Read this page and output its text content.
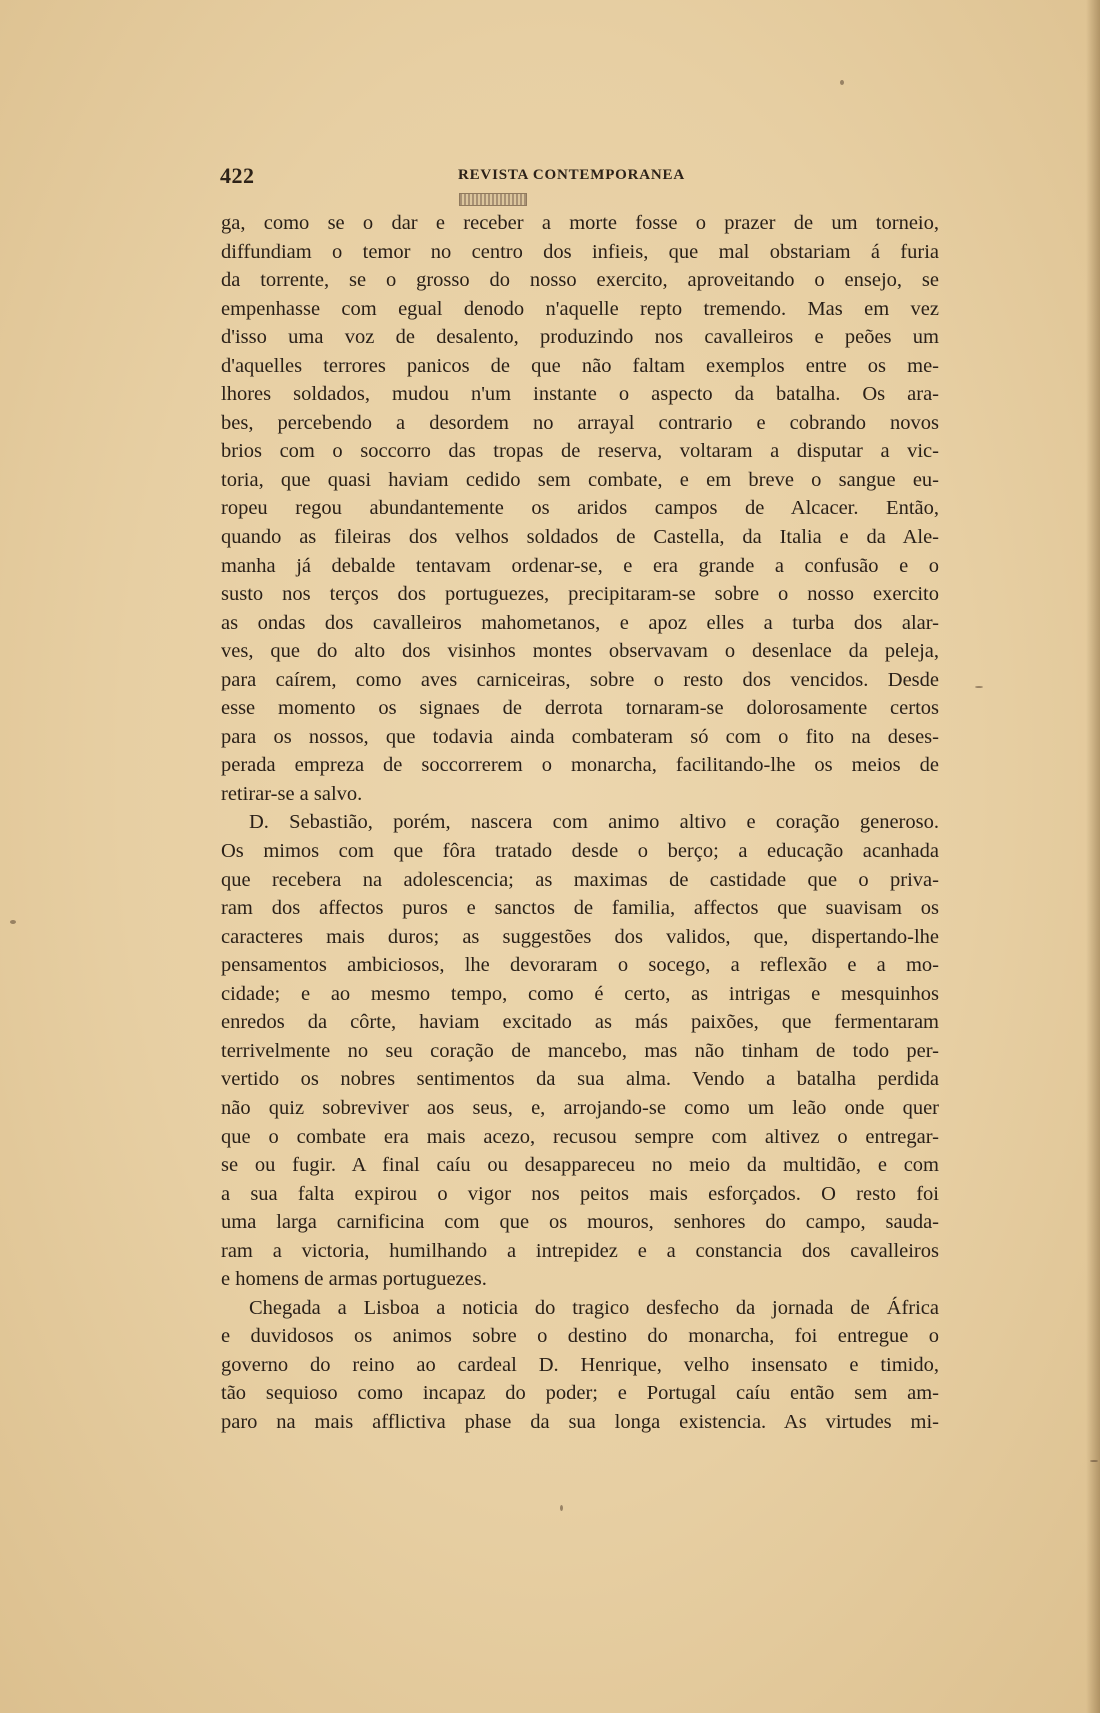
422	REVISTA CONTEMPORANEA
ga, como se o dar e receber a morte fosse o prazer de um torneio,
diffundiam o temor no centro dos infieis, que mal obstariam á furia
da torrente, se o grosso do nosso exercito, aproveitando o ensejo, se
empenhasse com egual denodo n'aquelle repto tremendo. Mas em vez
d'isso uma voz de desalento, produzindo nos cavalleiros e peões um
d'aquelles terrores panicos de que não faltam exemplos entre os me-
lhores soldados, mudou n'um instante o aspecto da batalha. Os ara-
bes, percebendo a desordem no arrayal contrario e cobrando novos
brios com o soccorro das tropas de reserva, voltaram a disputar a vic-
toria, que quasi haviam cedido sem combate, e em breve o sangue eu-
ropeu regou abundantemente os aridos campos de Alcacer. Então,
quando as fileiras dos velhos soldados de Castella, da Italia e da Ale-
manha já debalde tentavam ordenar-se, e era grande a confusão e o
susto nos terços dos portuguezes, precipitaram-se sobre o nosso exercito
as ondas dos cavalleiros mahometanos, e apoz elles a turba dos alar-
ves, que do alto dos visinhos montes observavam o desenlace da peleja,
para caírem, como aves carniceiras, sobre o resto dos vencidos. Desde
esse momento os signaes de derrota tornaram-se dolorosamente certos
para os nossos, que todavia ainda combateram só com o fito na deses-
perada empreza de soccorrerem o monarcha, facilitando-lhe os meios de
retirar-se a salvo.
D. Sebastião, porém, nascera com animo altivo e coração generoso.
Os mimos com que fôra tratado desde o berço; a educação acanhada
que recebera na adolescencia; as maximas de castidade que o priva-
ram dos affectos puros e sanctos de familia, affectos que suavisam os
caracteres mais duros; as suggestões dos validos, que, dispertando-lhe
pensamentos ambiciosos, lhe devoraram o socego, a reflexão e a mo-
cidade; e ao mesmo tempo, como é certo, as intrigas e mesquinhos
enredos da côrte, haviam excitado as más paixões, que fermentaram
terrivelmente no seu coração de mancebo, mas não tinham de todo per-
vertido os nobres sentimentos da sua alma. Vendo a batalha perdida
não quiz sobreviver aos seus, e, arrojando-se como um leão onde quer
que o combate era mais acezo, recusou sempre com altivez o entregar-
se ou fugir. A final caíu ou desappareceu no meio da multidão, e com
a sua falta expirou o vigor nos peitos mais esforçados. O resto foi
uma larga carnificina com que os mouros, senhores do campo, sauda-
ram a victoria, humilhando a intrepidez e a constancia dos cavalleiros
e homens de armas portuguezes.
Chegada a Lisboa a noticia do tragico desfecho da jornada de África
e duvidosos os animos sobre o destino do monarcha, foi entregue o
governo do reino ao cardeal D. Henrique, velho insensato e timido,
tão sequioso como incapaz do poder; e Portugal caíu então sem am-
paro na mais afflictiva phase da sua longa existencia. As virtudes mi-
